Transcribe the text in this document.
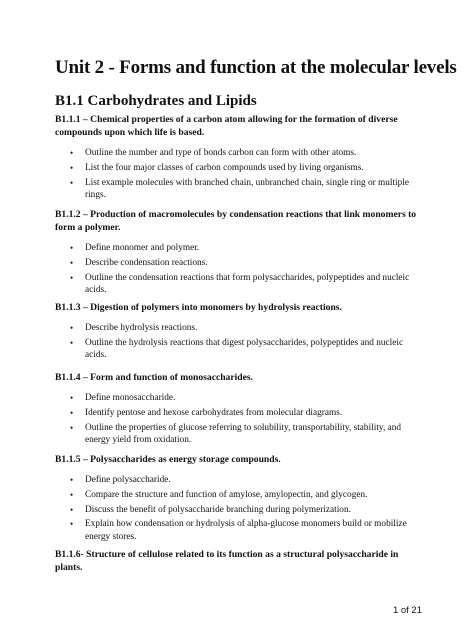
Unit 2 - Forms and function at the molecular levels
B1.1 Carbohydrates and Lipids

B1.1.1 – Chemical properties of a carbon atom allowing for the formation of diverse compounds upon which life is based.

• Outline the number and type of bonds carbon can form with other atoms.
• List the four major classes of carbon compounds used by living organisms.
• List example molecules with branched chain, unbranched chain, single ring or multiple rings.

B1.1.2 – Production of macromolecules by condensation reactions that link monomers to form a polymer.

• Define monomer and polymer.
• Describe condensation reactions.
• Outline the condensation reactions that form polysaccharides, polypeptides and nucleic acids.

B1.1.3 – Digestion of polymers into monomers by hydrolysis reactions.

• Describe hydrolysis reactions.
• Outline the hydrolysis reactions that digest polysaccharides, polypeptides and nucleic acids.

B1.1.4 – Form and function of monosaccharides.

• Define monosaccharide.
• Identify pentose and hexose carbohydrates from molecular diagrams.
• Outline the properties of glucose referring to solubility, transportability, stability, and energy yield from oxidation.

B1.1.5 – Polysaccharides as energy storage compounds.

• Define polysaccharide.
• Compare the structure and function of amylose, amylopectin, and glycogen.
• Discuss the benefit of polysaccharide branching during polymerization.
• Explain how condensation or hydrolysis of alpha-glucose monomers build or mobilize energy stores.

B1.1.6- Structure of cellulose related to its function as a structural polysaccharide in plants.

1 of 21
